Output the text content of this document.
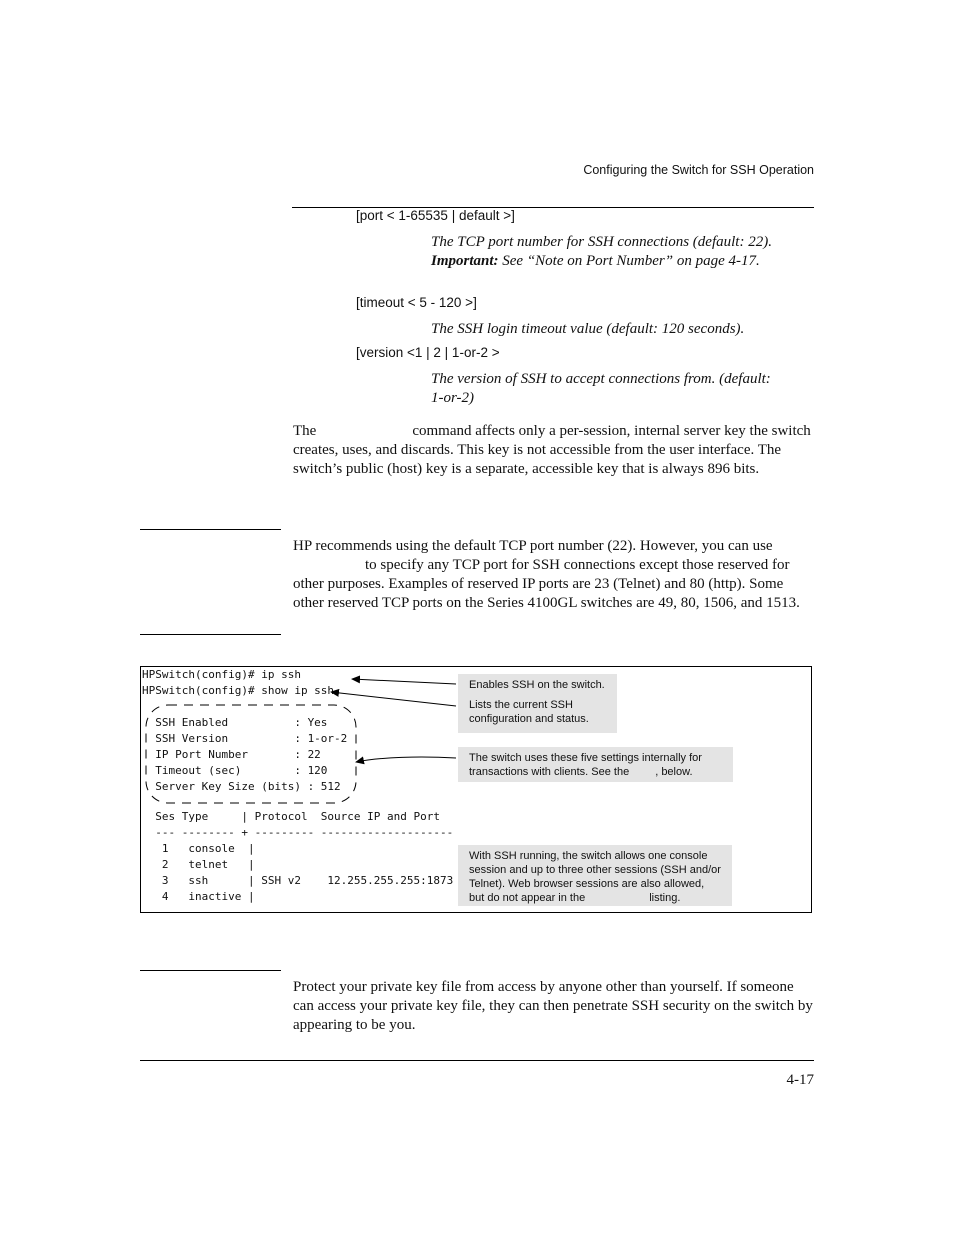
Configuring the Switch for SSH Operation
[port < 1-65535 | default >]
The TCP port number for SSH connections (default: 22). Important: See “Note on Port Number” on page 4-17.
[timeout < 5 - 120 >]
The SSH login timeout value (default: 120 seconds).
[version <1 | 2 | 1-or-2 >
The version of SSH to accept connections from. (default: 1-or-2)
The	command affects only a per-session, internal server key the switch creates, uses, and discards. This key is not accessible from the user interface. The switch’s public (host) key is a separate, accessible key that is always 896 bits.
HP recommends using the default TCP port number (22). However, you can useto specify any TCP port for SSH connections except those reserved for other purposes. Examples of reserved IP ports are 23 (Telnet) and 80 (http). Some other reserved TCP ports on the Series 4100GL switches are 49, 80, 1506, and 1513.
HPSwitch(config)# ip ssh
HPSwitch(config)# show ip ssh
SSH Enabled          : Yes
SSH Version          : 1-or-2
IP Port Number       : 22
Timeout (sec)        : 120
Server Key Size (bits) : 512
Ses Type     | Protocol  Source IP and Port
--- -------- + --------- --------------------
1   console  |
2   telnet   |
3   ssh      | SSH v2    12.255.255.255:1873
4   inactive |
Enables SSH on the switch.
Lists the current SSH configuration and status.
The switch uses these five settings internally for transactions with clients. See the , below.
With SSH running, the switch allows one console session and up to three other sessions (SSH and/or Telnet). Web browser sessions are also allowed, but do not appear in the	listing.
Protect your private key file from access by anyone other than yourself. If someone can access your private key file, they can then penetrate SSH security on the switch by appearing to be you.
4-17
